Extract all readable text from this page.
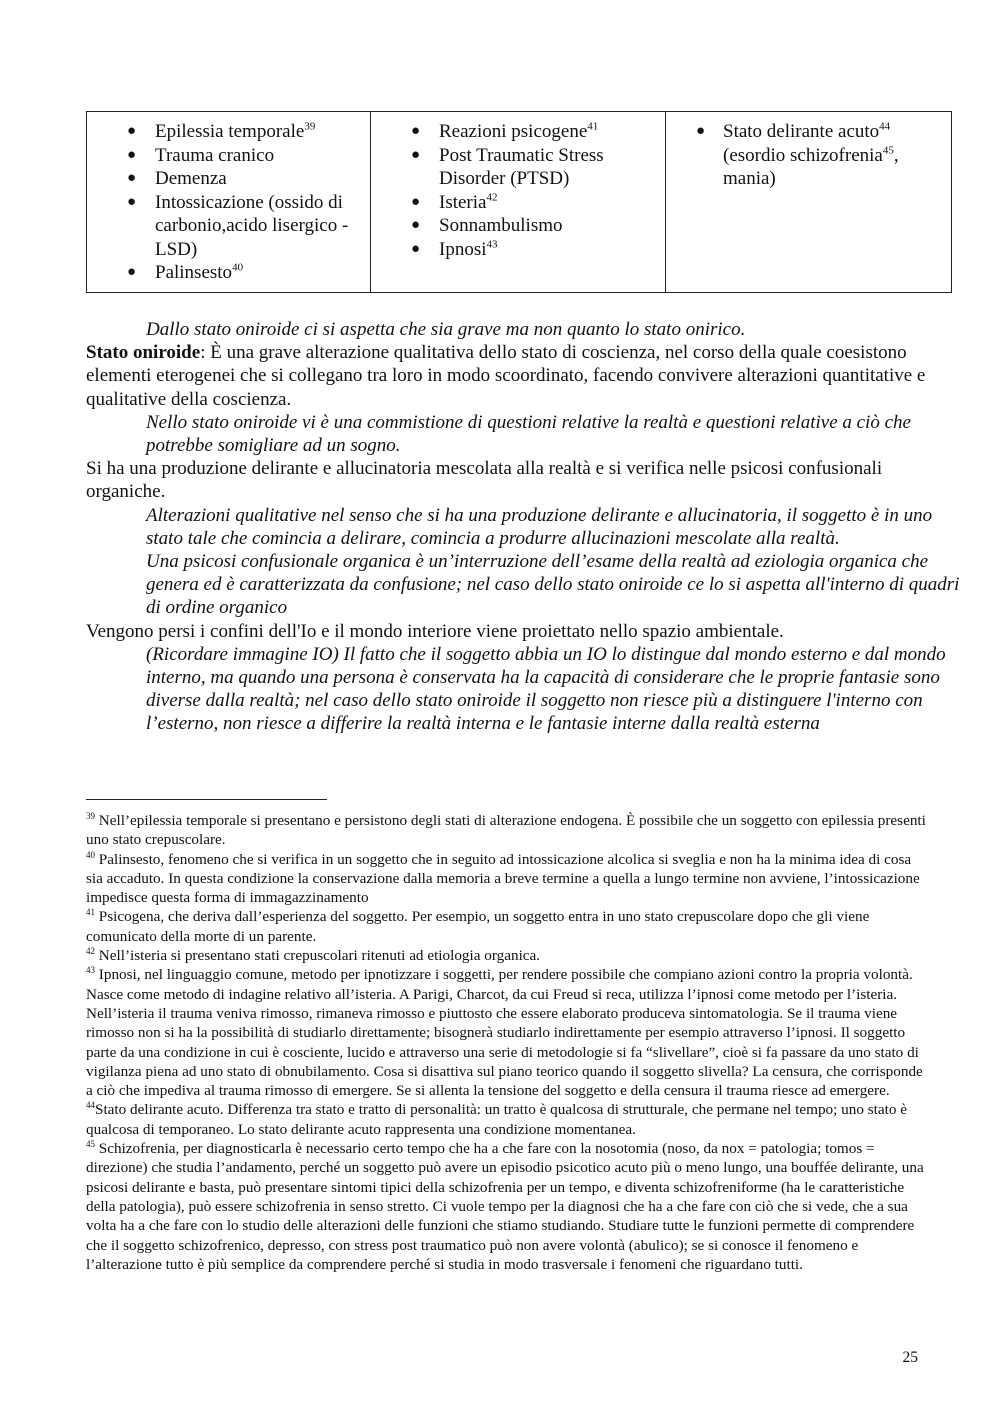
● Epilessia temporale$^{39}$
● Trauma cranico
● Demenza
● Intossicazione (ossido di carbonio,acido lisergico -LSD)
● Palinsesto$^{40}$

● Reazioni psicogene$^{41}$
● Post Traumatic Stress Disorder (PTSD)
● Isteria$^{42}$
● Sonnambulismo
● Ipnosi$^{43}$

● Stato delirante acuto$^{44}$ (esordio schizofrenia$^{45}$, mania)

Dallo stato oniroide ci si aspetta che sia grave ma non quanto lo stato onirico.

Stato oniroide: È una grave alterazione qualitativa dello stato di coscienza, nel corso della quale coesistono elementi eterogenei che si collegano tra loro in modo scoordinato, facendo convivere alterazioni quantitative e qualitative della coscienza.

Nello stato oniroide vi è una commistione di questioni relative la realtà e questioni relative a ciò che potrebbe somigliare ad un sogno.

Si ha una produzione delirante e allucinatoria mescolata alla realtà e si verifica nelle psicosi confusionali organiche.

Alterazioni qualitative nel senso che si ha una produzione delirante e allucinatoria, il soggetto è in uno stato tale che comincia a delirare, comincia a produrre allucinazioni mescolate alla realtà.

Una psicosi confusionale organica è un’interruzione dell’esame della realtà ad eziologia organica che genera ed è caratterizzata da confusione; nel caso dello stato oniroide ce lo si aspetta all'interno di quadri di ordine organico

Vengono persi i confini dell'Io e il mondo interiore viene proiettato nello spazio ambientale.

(Ricordare immagine IO) Il fatto che il soggetto abbia un IO lo distingue dal mondo esterno e dal mondo interno, ma quando una persona è conservata ha la capacità di considerare che le proprie fantasie sono diverse dalla realtà; nel caso dello stato oniroide il soggetto non riesce più a distinguere l'interno con l’esterno, non riesce a differire la realtà interna e le fantasie interne dalla realtà esterna

$^{39}$ Nell’epilessia temporale si presentano e persistono degli stati di alterazione endogena. È possibile che un soggetto con epilessia presenti uno stato crepuscolare.

$^{40}$ Palinsesto, fenomeno che si verifica in un soggetto che in seguito ad intossicazione alcolica si sveglia e non ha la minima idea di cosa sia accaduto. In questa condizione la conservazione dalla memoria a breve termine a quella a lungo termine non avviene, l’intossicazione impedisce questa forma di immagazzinamento

$^{41}$ Psicogena, che deriva dall’esperienza del soggetto. Per esempio, un soggetto entra in uno stato crepuscolare dopo che gli viene comunicato della morte di un parente.

$^{42}$ Nell’isteria si presentano stati crepuscolari ritenuti ad etiologia organica.

$^{43}$ Ipnosi, nel linguaggio comune, metodo per ipnotizzare i soggetti, per rendere possibile che compiano azioni contro la propria volontà. Nasce come metodo di indagine relativo all’isteria. A Parigi, Charcot, da cui Freud si reca, utilizza l’ipnosi come metodo per l’isteria. Nell’isteria il trauma veniva rimosso, rimaneva rimosso e piuttosto che essere elaborato produceva sintomatologia. Se il trauma viene rimosso non si ha la possibilità di studiarlo direttamente; bisognerà studiarlo indirettamente per esempio attraverso l’ipnosi. Il soggetto parte da una condizione in cui è cosciente, lucido e attraverso una serie di metodologie si fa “slivellare”, cioè si fa passare da uno stato di vigilanza piena ad uno stato di obnubilamento. Cosa si disattiva sul piano teorico quando il soggetto slivella? La censura, che corrisponde a ciò che impediva al trauma rimosso di emergere. Se si allenta la tensione del soggetto e della censura il trauma riesce ad emergere.

$^{44}$Stato delirante acuto. Differenza tra stato e tratto di personalità: un tratto è qualcosa di strutturale, che permane nel tempo; uno stato è qualcosa di temporaneo. Lo stato delirante acuto rappresenta una condizione momentanea.

$^{45}$ Schizofrenia, per diagnosticarla è necessario certo tempo che ha a che fare con la nosotomia (noso, da nox = patologia; tomos = direzione) che studia l’andamento, perché un soggetto può avere un episodio psicotico acuto più o meno lungo, una bouffée delirante, una psicosi delirante e basta, può presentare sintomi tipici della schizofrenia per un tempo, e diventa schizofreniforme (ha le caratteristiche della patologia), può essere schizofrenia in senso stretto. Ci vuole tempo per la diagnosi che ha a che fare con ciò che si vede, che a sua volta ha a che fare con lo studio delle alterazioni delle funzioni che stiamo studiando. Studiare tutte le funzioni permette di comprendere che il soggetto schizofrenico, depresso, con stress post traumatico può non avere volontà (abulico); se si conosce il fenomeno e l’alterazione tutto è più semplice da comprendere perché si studia in modo trasversale i fenomeni che riguardano tutti.

25
